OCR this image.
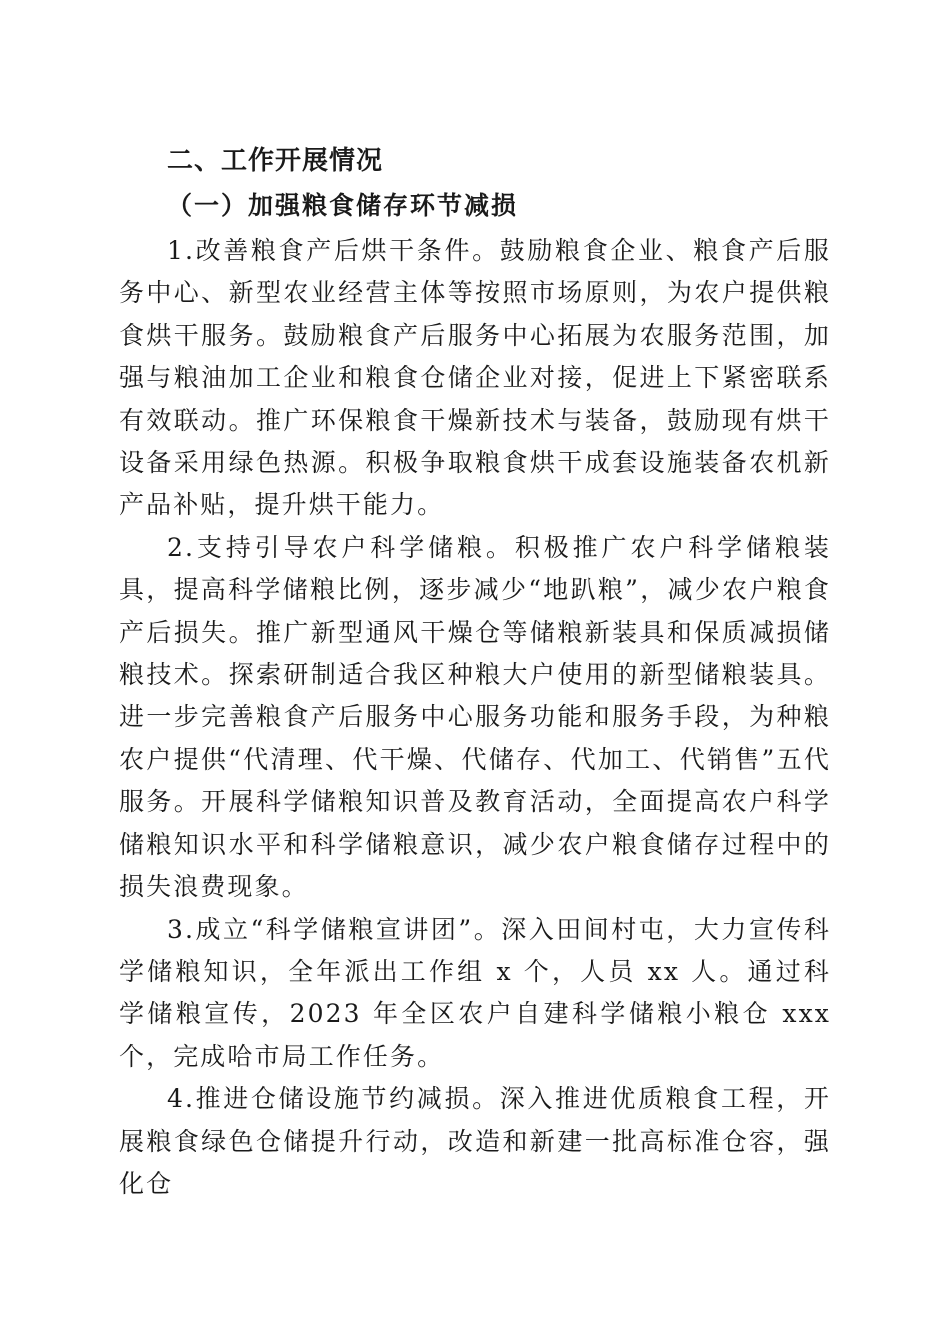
二、工作开展情况
（一）加强粮食储存环节减损

1.改善粮食产后烘干条件。鼓励粮食企业、粮食产后服务中心、新型农业经营主体等按照市场原则，为农户提供粮食烘干服务。鼓励粮食产后服务中心拓展为农服务范围，加强与粮油加工企业和粮食仓储企业对接，促进上下紧密联系有效联动。推广环保粮食干燥新技术与装备，鼓励现有烘干设备采用绿色热源。积极争取粮食烘干成套设施装备农机新产品补贴，提升烘干能力。

2.支持引导农户科学储粮。积极推广农户科学储粮装具，提高科学储粮比例，逐步减少“地趴粮”，减少农户粮食产后损失。推广新型通风干燥仓等储粮新装具和保质减损储粮技术。探索研制适合我区种粮大户使用的新型储粮装具。进一步完善粮食产后服务中心服务功能和服务手段，为种粮农户提供“代清理、代干燥、代储存、代加工、代销售”五代服务。开展科学储粮知识普及教育活动，全面提高农户科学储粮知识水平和科学储粮意识，减少农户粮食储存过程中的损失浪费现象。

3.成立“科学储粮宣讲团”。深入田间村屯，大力宣传科学储粮知识，全年派出工作组 x 个，人员 xx 人。通过科学储粮宣传，2023 年全区农户自建科学储粮小粮仓 xxx 个，完成哈市局工作任务。

4.推进仓储设施节约减损。深入推进优质粮食工程，开展粮食绿色仓储提升行动，改造和新建一批高标准仓容，强化仓
